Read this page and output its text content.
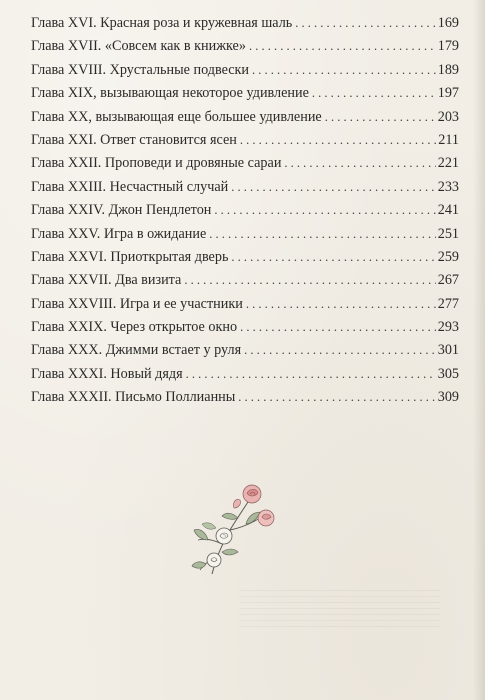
Глава XVI. Красная роза и кружевная шаль . . .	169
Глава XVII. «Совсем как в книжке» . . .	179
Глава XVIII. Хрустальные подвески . . .	189
Глава XIX, вызывающая некоторое удивление . . .	197
Глава XX, вызывающая еще большее удивление . . .	203
Глава XXI. Ответ становится ясен . . .	211
Глава XXII. Проповеди и дровяные сараи . . .	221
Глава XXIII. Несчастный случай . . .	233
Глава XXIV. Джон Пендлетон . . .	241
Глава XXV. Игра в ожидание . . .	251
Глава XXVI. Приоткрытая дверь . . .	259
Глава XXVII. Два визита . . .	267
Глава XXVIII. Игра и ее участники . . .	277
Глава XXIX. Через открытое окно . . .	293
Глава XXX. Джимми встает у руля . . .	301
Глава XXXI. Новый дядя . . .	305
Глава XXXII. Письмо Поллианны . . .	309
